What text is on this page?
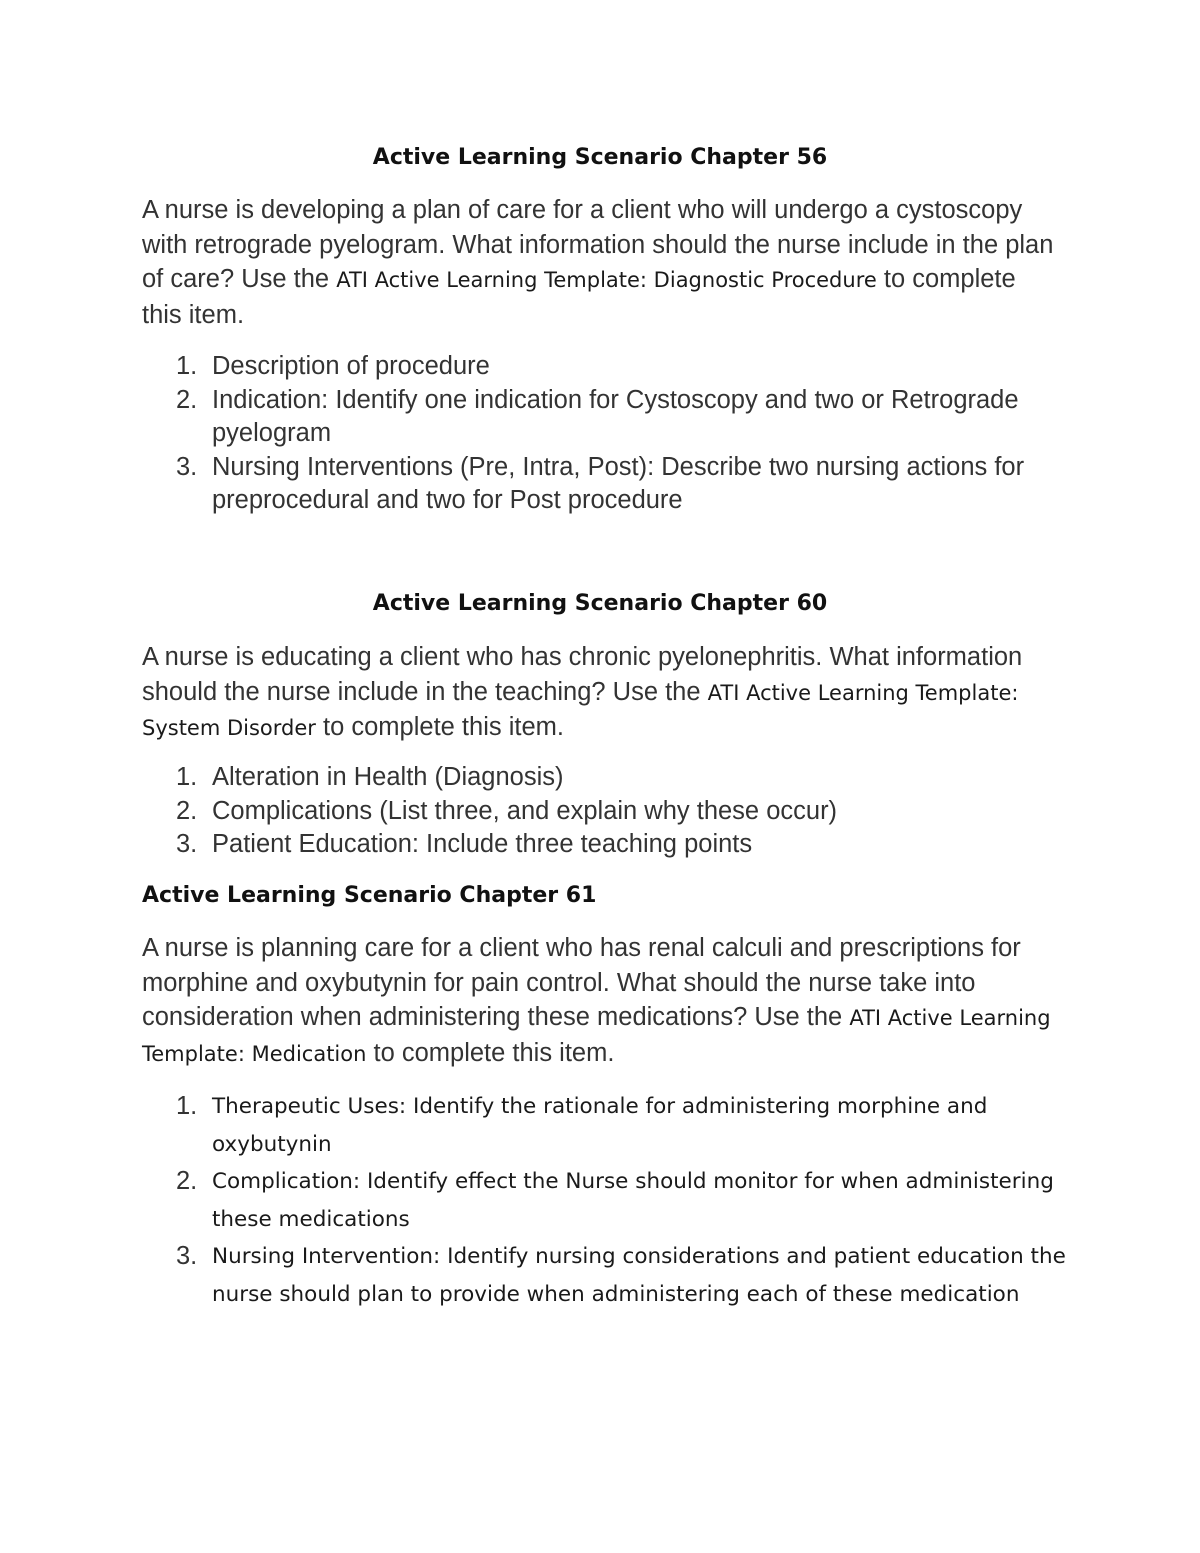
Active Learning Scenario Chapter 56

A nurse is developing a plan of care for a client who will undergo a cystoscopy with retrograde pyelogram. What information should the nurse include in the plan of care? Use the ATI Active Learning Template: Diagnostic Procedure to complete this item.

1. Description of procedure
2. Indication: Identify one indication for Cystoscopy and two or Retrograde pyelogram
3. Nursing Interventions (Pre, Intra, Post): Describe two nursing actions for preprocedural and two for Post procedure
Active Learning Scenario Chapter 60

A nurse is educating a client who has chronic pyelonephritis. What information should the nurse include in the teaching? Use the ATI Active Learning Template: System Disorder to complete this item.

1. Alteration in Health (Diagnosis)
2. Complications (List three, and explain why these occur)
3. Patient Education: Include three teaching points
Active Learning Scenario Chapter 61

A nurse is planning care for a client who has renal calculi and prescriptions for morphine and oxybutynin for pain control. What should the nurse take into consideration when administering these medications? Use the ATI Active Learning Template: Medication to complete this item.

1. Therapeutic Uses: Identify the rationale for administering morphine and oxybutynin
2. Complication: Identify effect the Nurse should monitor for when administering these medications
3. Nursing Intervention: Identify nursing considerations and patient education the nurse should plan to provide when administering each of these medication
